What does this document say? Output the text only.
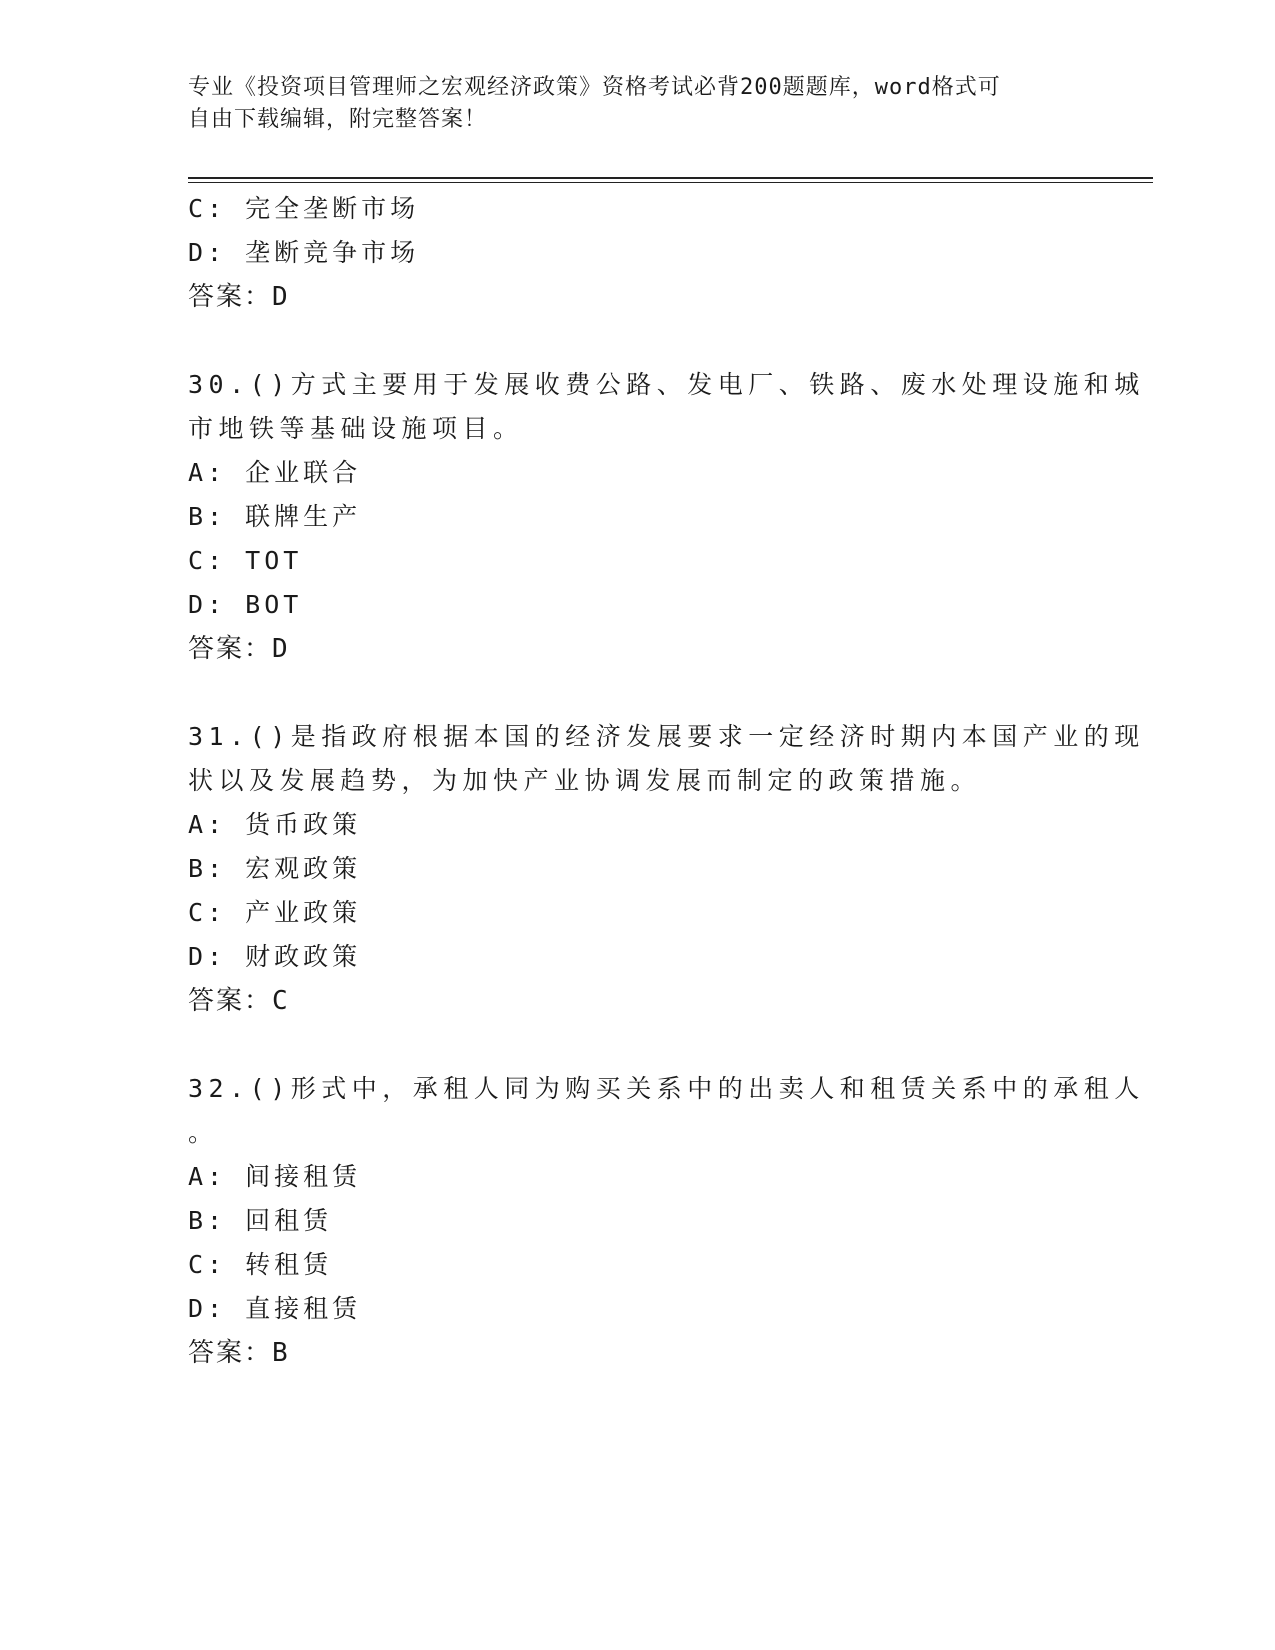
专业《投资项目管理师之宏观经济政策》资格考试必背200题题库，word格式可
自由下载编辑，附完整答案！
C: 完全垄断市场
D: 垄断竞争市场
答案：D
30.()方式主要用于发展收费公路、发电厂、铁路、废水处理设施和城
市地铁等基础设施项目。
A: 企业联合
B: 联牌生产
C: TOT
D: BOT
答案：D
31.()是指政府根据本国的经济发展要求一定经济时期内本国产业的现
状以及发展趋势，为加快产业协调发展而制定的政策措施。
A: 货币政策
B: 宏观政策
C: 产业政策
D: 财政政策
答案：C
32.()形式中，承租人同为购买关系中的出卖人和租赁关系中的承租人
。
A: 间接租赁
B: 回租赁
C: 转租赁
D: 直接租赁
答案：B
